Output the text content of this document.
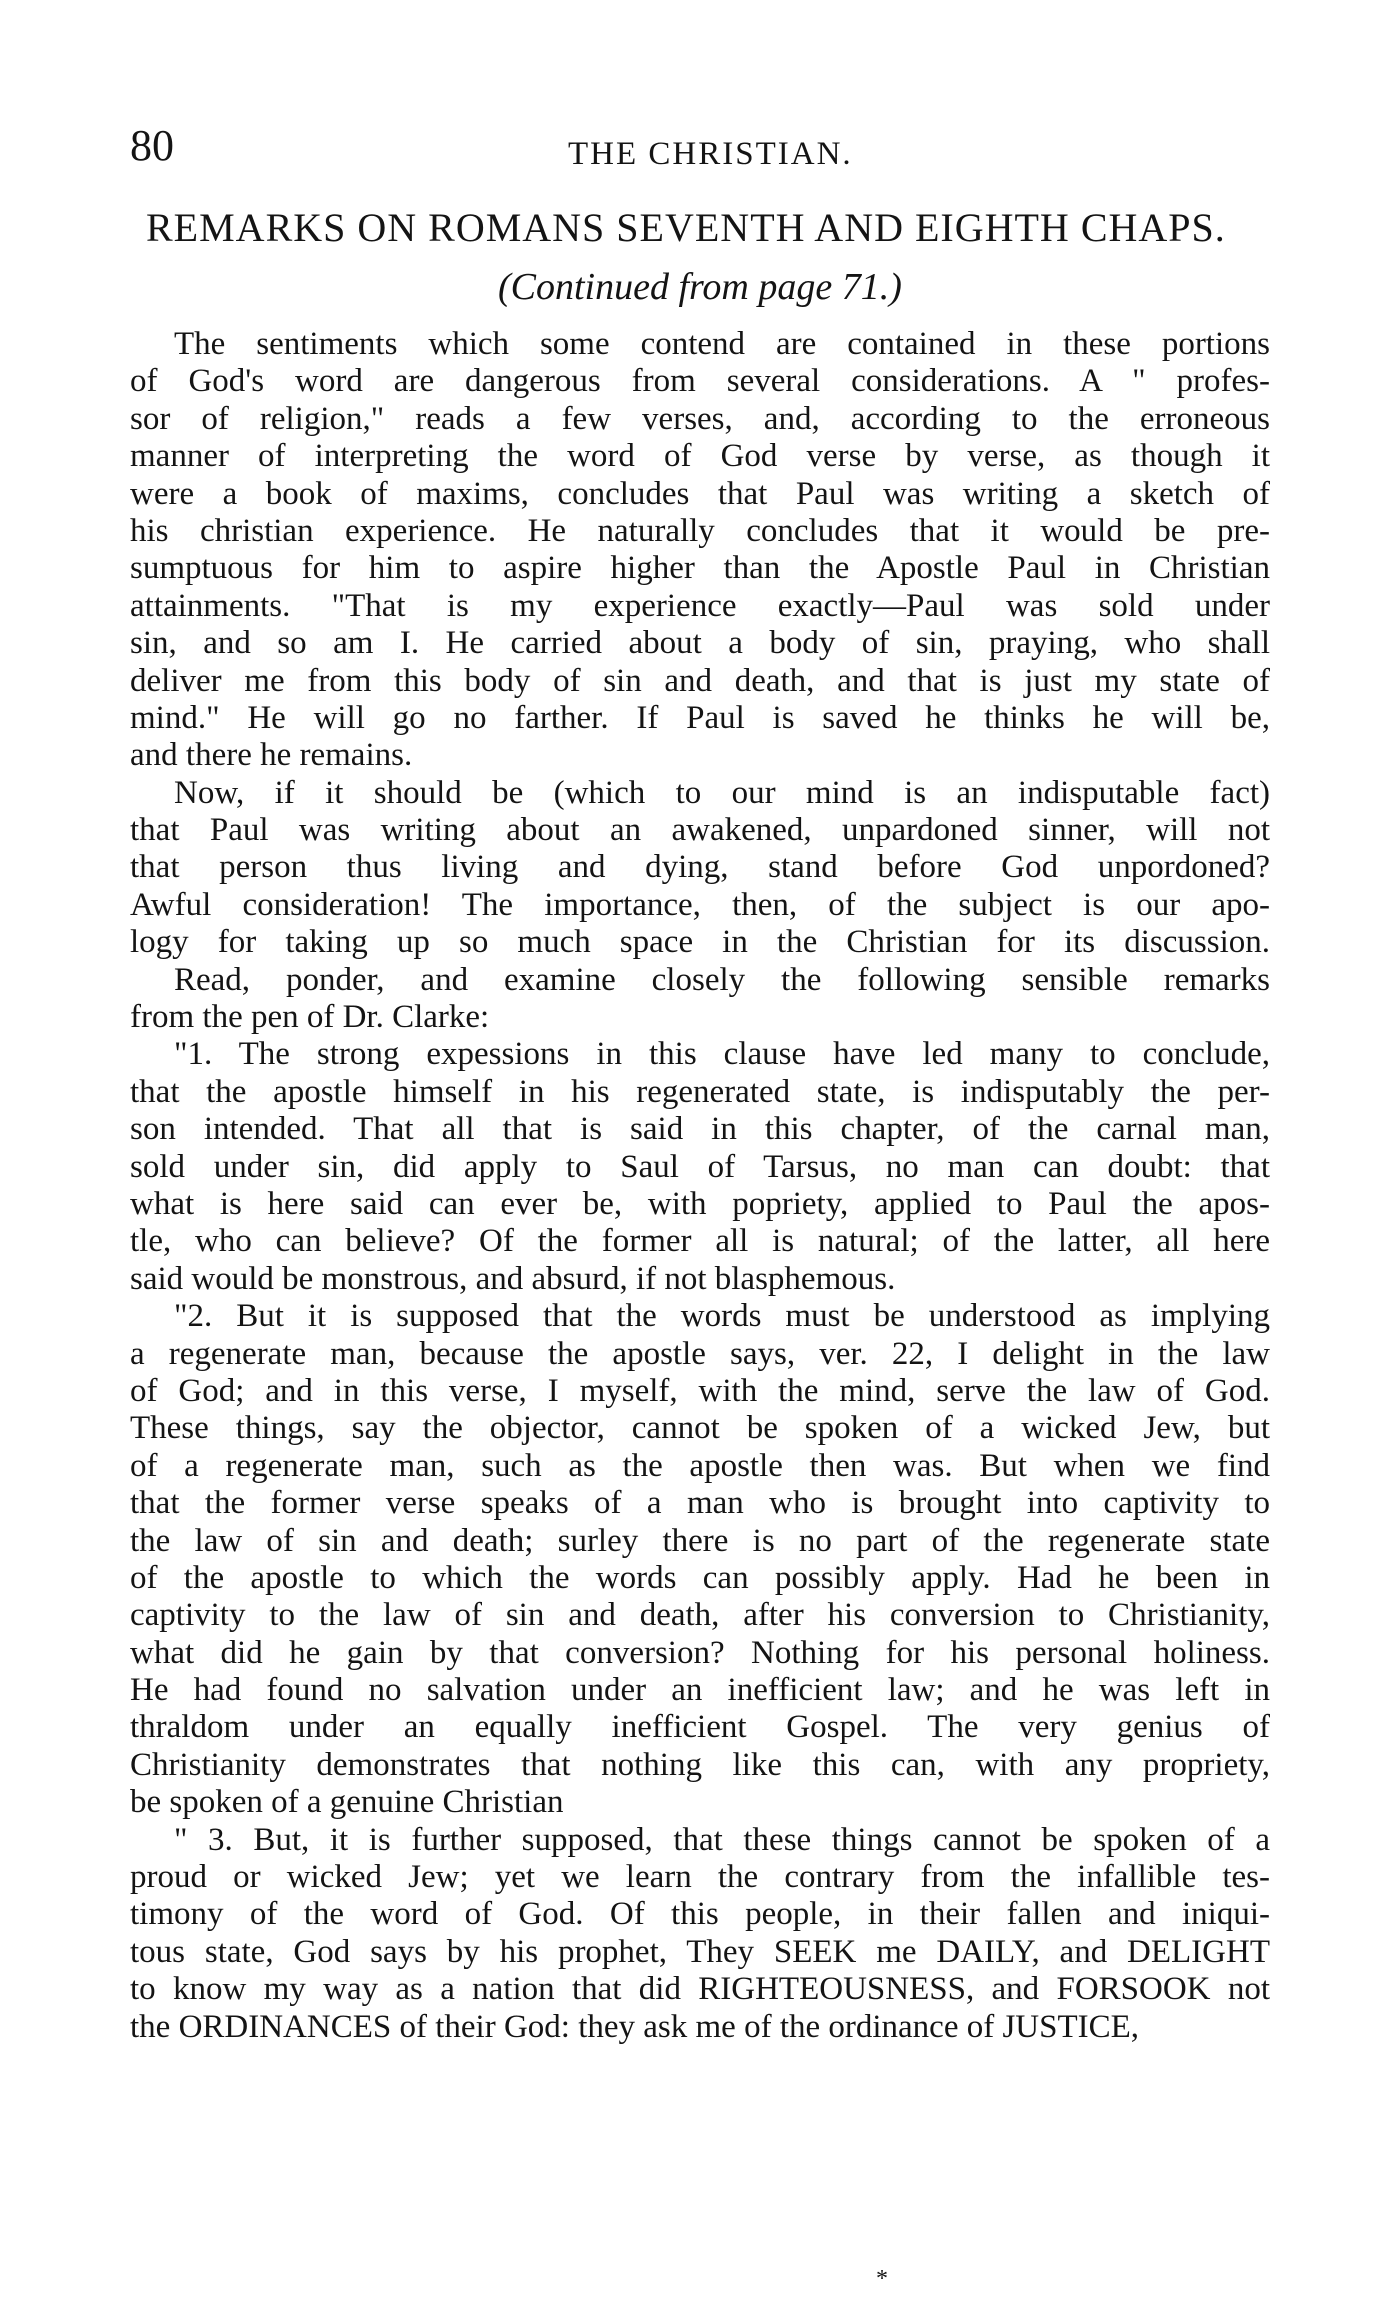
80	THE CHRISTIAN.
REMARKS ON ROMANS SEVENTH AND EIGHTH CHAPS.
(Continued from page 71.)
The sentiments which some contend are contained in these portions
of God's word are dangerous from several considerations. A " profes-
sor of religion," reads a few verses, and, according to the erroneous
manner of interpreting the word of God verse by verse, as though it
were a book of maxims, concludes that Paul was writing a sketch of
his christian experience. He naturally concludes that it would be pre-
sumptuous for him to aspire higher than the Apostle Paul in Christian
attainments. "That is my experience exactly—Paul was sold under
sin, and so am I. He carried about a body of sin, praying, who shall
deliver me from this body of sin and death, and that is just my state of
mind." He will go no farther. If Paul is saved he thinks he will be,
and there he remains.
Now, if it should be (which to our mind is an indisputable fact)
that Paul was writing about an awakened, unpardoned sinner, will not
that person thus living and dying, stand before God unpordoned?
Awful consideration! The importance, then, of the subject is our apo-
logy for taking up so much space in the Christian for its discussion.
Read, ponder, and examine closely the following sensible remarks
from the pen of Dr. Clarke:
"1. The strong expessions in this clause have led many to conclude,
that the apostle himself in his regenerated state, is indisputably the per-
son intended. That all that is said in this chapter, of the carnal man,
sold under sin, did apply to Saul of Tarsus, no man can doubt: that
what is here said can ever be, with popriety, applied to Paul the apos-
tle, who can believe? Of the former all is natural; of the latter, all here
said would be monstrous, and absurd, if not blasphemous.
"2. But it is supposed that the words must be understood as implying
a regenerate man, because the apostle says, ver. 22, I delight in the law
of God; and in this verse, I myself, with the mind, serve the law of God.
These things, say the objector, cannot be spoken of a wicked Jew, but
of a regenerate man, such as the apostle then was. But when we find
that the former verse speaks of a man who is brought into captivity to
the law of sin and death; surley there is no part of the regenerate state
of the apostle to which the words can possibly apply. Had he been in
captivity to the law of sin and death, after his conversion to Christianity,
what did he gain by that conversion? Nothing for his personal holiness.
He had found no salvation under an inefficient law; and he was left in
thraldom under an equally inefficient Gospel. The very genius of
Christianity demonstrates that nothing like this can, with any propriety,
be spoken of a genuine Christian
" 3. But, it is further supposed, that these things cannot be spoken of a
proud or wicked Jew; yet we learn the contrary from the infallible tes-
timony of the word of God. Of this people, in their fallen and iniqui-
tous state, God says by his prophet, They SEEK me DAILY, and DELIGHT
to know my way as a nation that did RIGHTEOUSNESS, and FORSOOK not
the ORDINANCES of their God: they ask me of the ordinance of JUSTICE,
*
